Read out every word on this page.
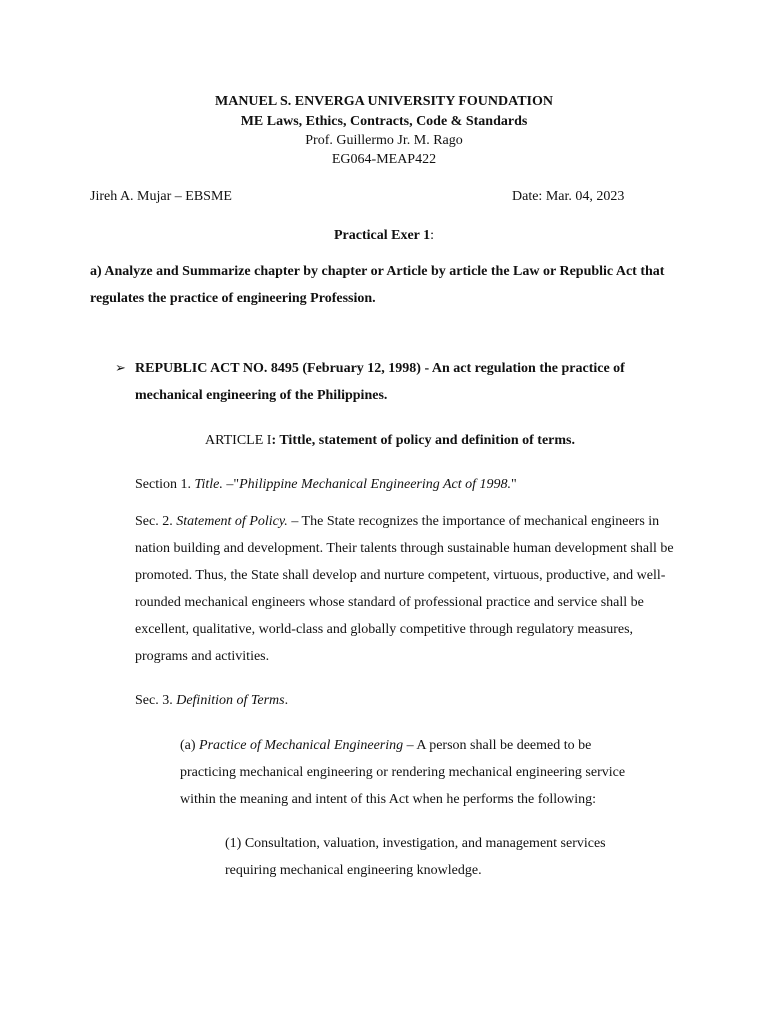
MANUEL S. ENVERGA UNIVERSITY FOUNDATION
ME Laws, Ethics, Contracts, Code & Standards
Prof. Guillermo Jr. M. Rago
EG064-MEAP422
Jireh A. Mujar – EBSME	Date: Mar. 04, 2023
Practical Exer 1:
a) Analyze and Summarize chapter by chapter or Article by article the Law or Republic Act that regulates the practice of engineering Profession.
➢ REPUBLIC ACT NO. 8495 (February 12, 1998) - An act regulation the practice of mechanical engineering of the Philippines.
ARTICLE I: Tittle, statement of policy and definition of terms.
Section 1. Title. –"Philippine Mechanical Engineering Act of 1998."
Sec. 2. Statement of Policy. – The State recognizes the importance of mechanical engineers in nation building and development. Their talents through sustainable human development shall be promoted. Thus, the State shall develop and nurture competent, virtuous, productive, and well-rounded mechanical engineers whose standard of professional practice and service shall be excellent, qualitative, world-class and globally competitive through regulatory measures, programs and activities.
Sec. 3. Definition of Terms.
(a) Practice of Mechanical Engineering – A person shall be deemed to be practicing mechanical engineering or rendering mechanical engineering service within the meaning and intent of this Act when he performs the following:
(1) Consultation, valuation, investigation, and management services requiring mechanical engineering knowledge.
